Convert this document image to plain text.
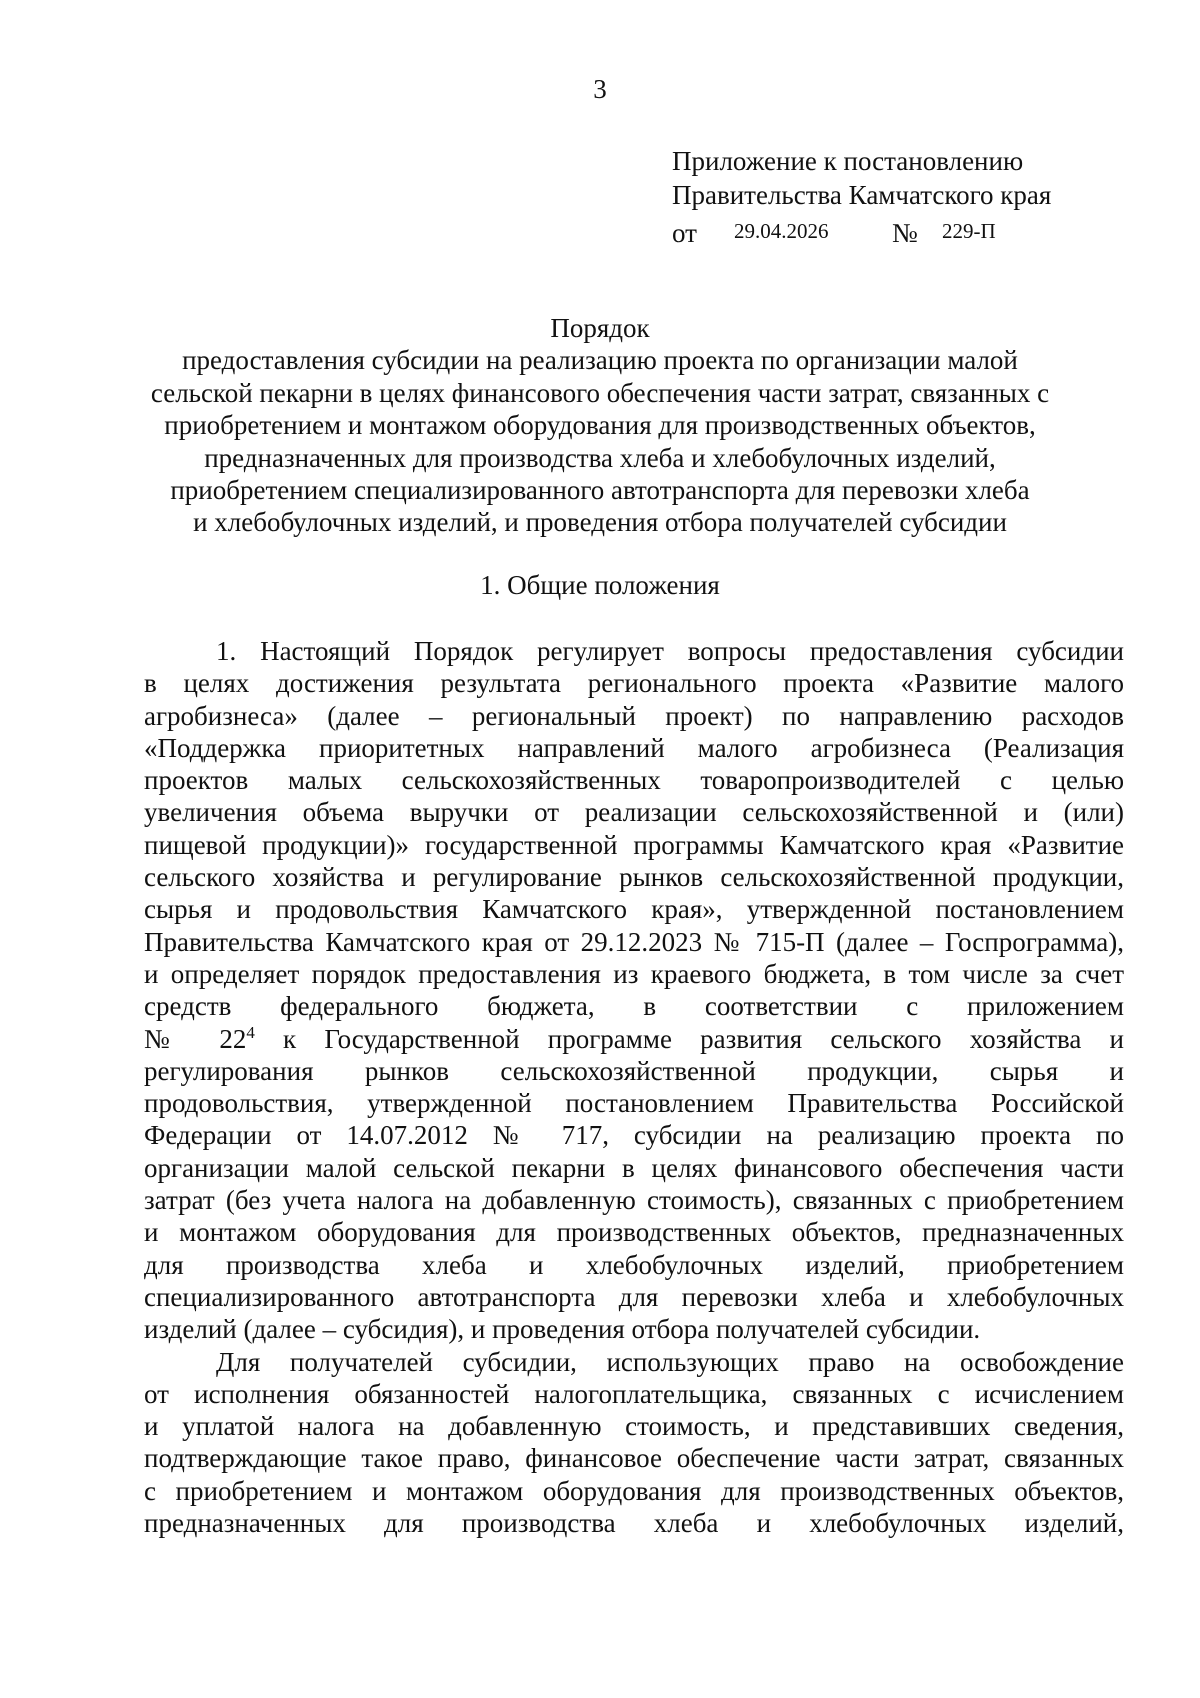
3
Приложение к постановлению
Правительства Камчатского края
от 29.04.2026 № 229-П
Порядок
предоставления субсидии на реализацию проекта по организации малой
сельской пекарни в целях финансового обеспечения части затрат, связанных с
приобретением и монтажом оборудования для производственных объектов,
предназначенных для производства хлеба и хлебобулочных изделий,
приобретением специализированного автотранспорта для перевозки хлеба
и хлебобулочных изделий, и проведения отбора получателей субсидии
1. Общие положения
1. Настоящий Порядок регулирует вопросы предоставления субсидии
в целях достижения результата регионального проекта «Развитие малого
агробизнеса» (далее – региональный проект) по направлению расходов
«Поддержка приоритетных направлений малого агробизнеса (Реализация
проектов малых сельскохозяйственных товаропроизводителей с целью
увеличения объема выручки от реализации сельскохозяйственной и (или)
пищевой продукции)» государственной программы Камчатского края «Развитие
сельского хозяйства и регулирование рынков сельскохозяйственной продукции,
сырья и продовольствия Камчатского края», утвержденной постановлением
Правительства Камчатского края от 29.12.2023 № 715-П (далее – Госпрограмма),
и определяет порядок предоставления из краевого бюджета, в том числе за счет
средств федерального бюджета, в соответствии с приложением
№ $22^4$ к Государственной программе развития сельского хозяйства и
регулирования рынков сельскохозяйственной продукции, сырья и
продовольствия, утвержденной постановлением Правительства Российской
Федерации от 14.07.2012 № 717, субсидии на реализацию проекта по
организации малой сельской пекарни в целях финансового обеспечения части
затрат (без учета налога на добавленную стоимость), связанных с приобретением
и монтажом оборудования для производственных объектов, предназначенных
для производства хлеба и хлебобулочных изделий, приобретением
специализированного автотранспорта для перевозки хлеба и хлебобулочных
изделий (далее – субсидия), и проведения отбора получателей субсидии.
Для получателей субсидии, использующих право на освобождение
от исполнения обязанностей налогоплательщика, связанных с исчислением
и уплатой налога на добавленную стоимость, и представивших сведения,
подтверждающие такое право, финансовое обеспечение части затрат, связанных
с приобретением и монтажом оборудования для производственных объектов,
предназначенных для производства хлеба и хлебобулочных изделий,
